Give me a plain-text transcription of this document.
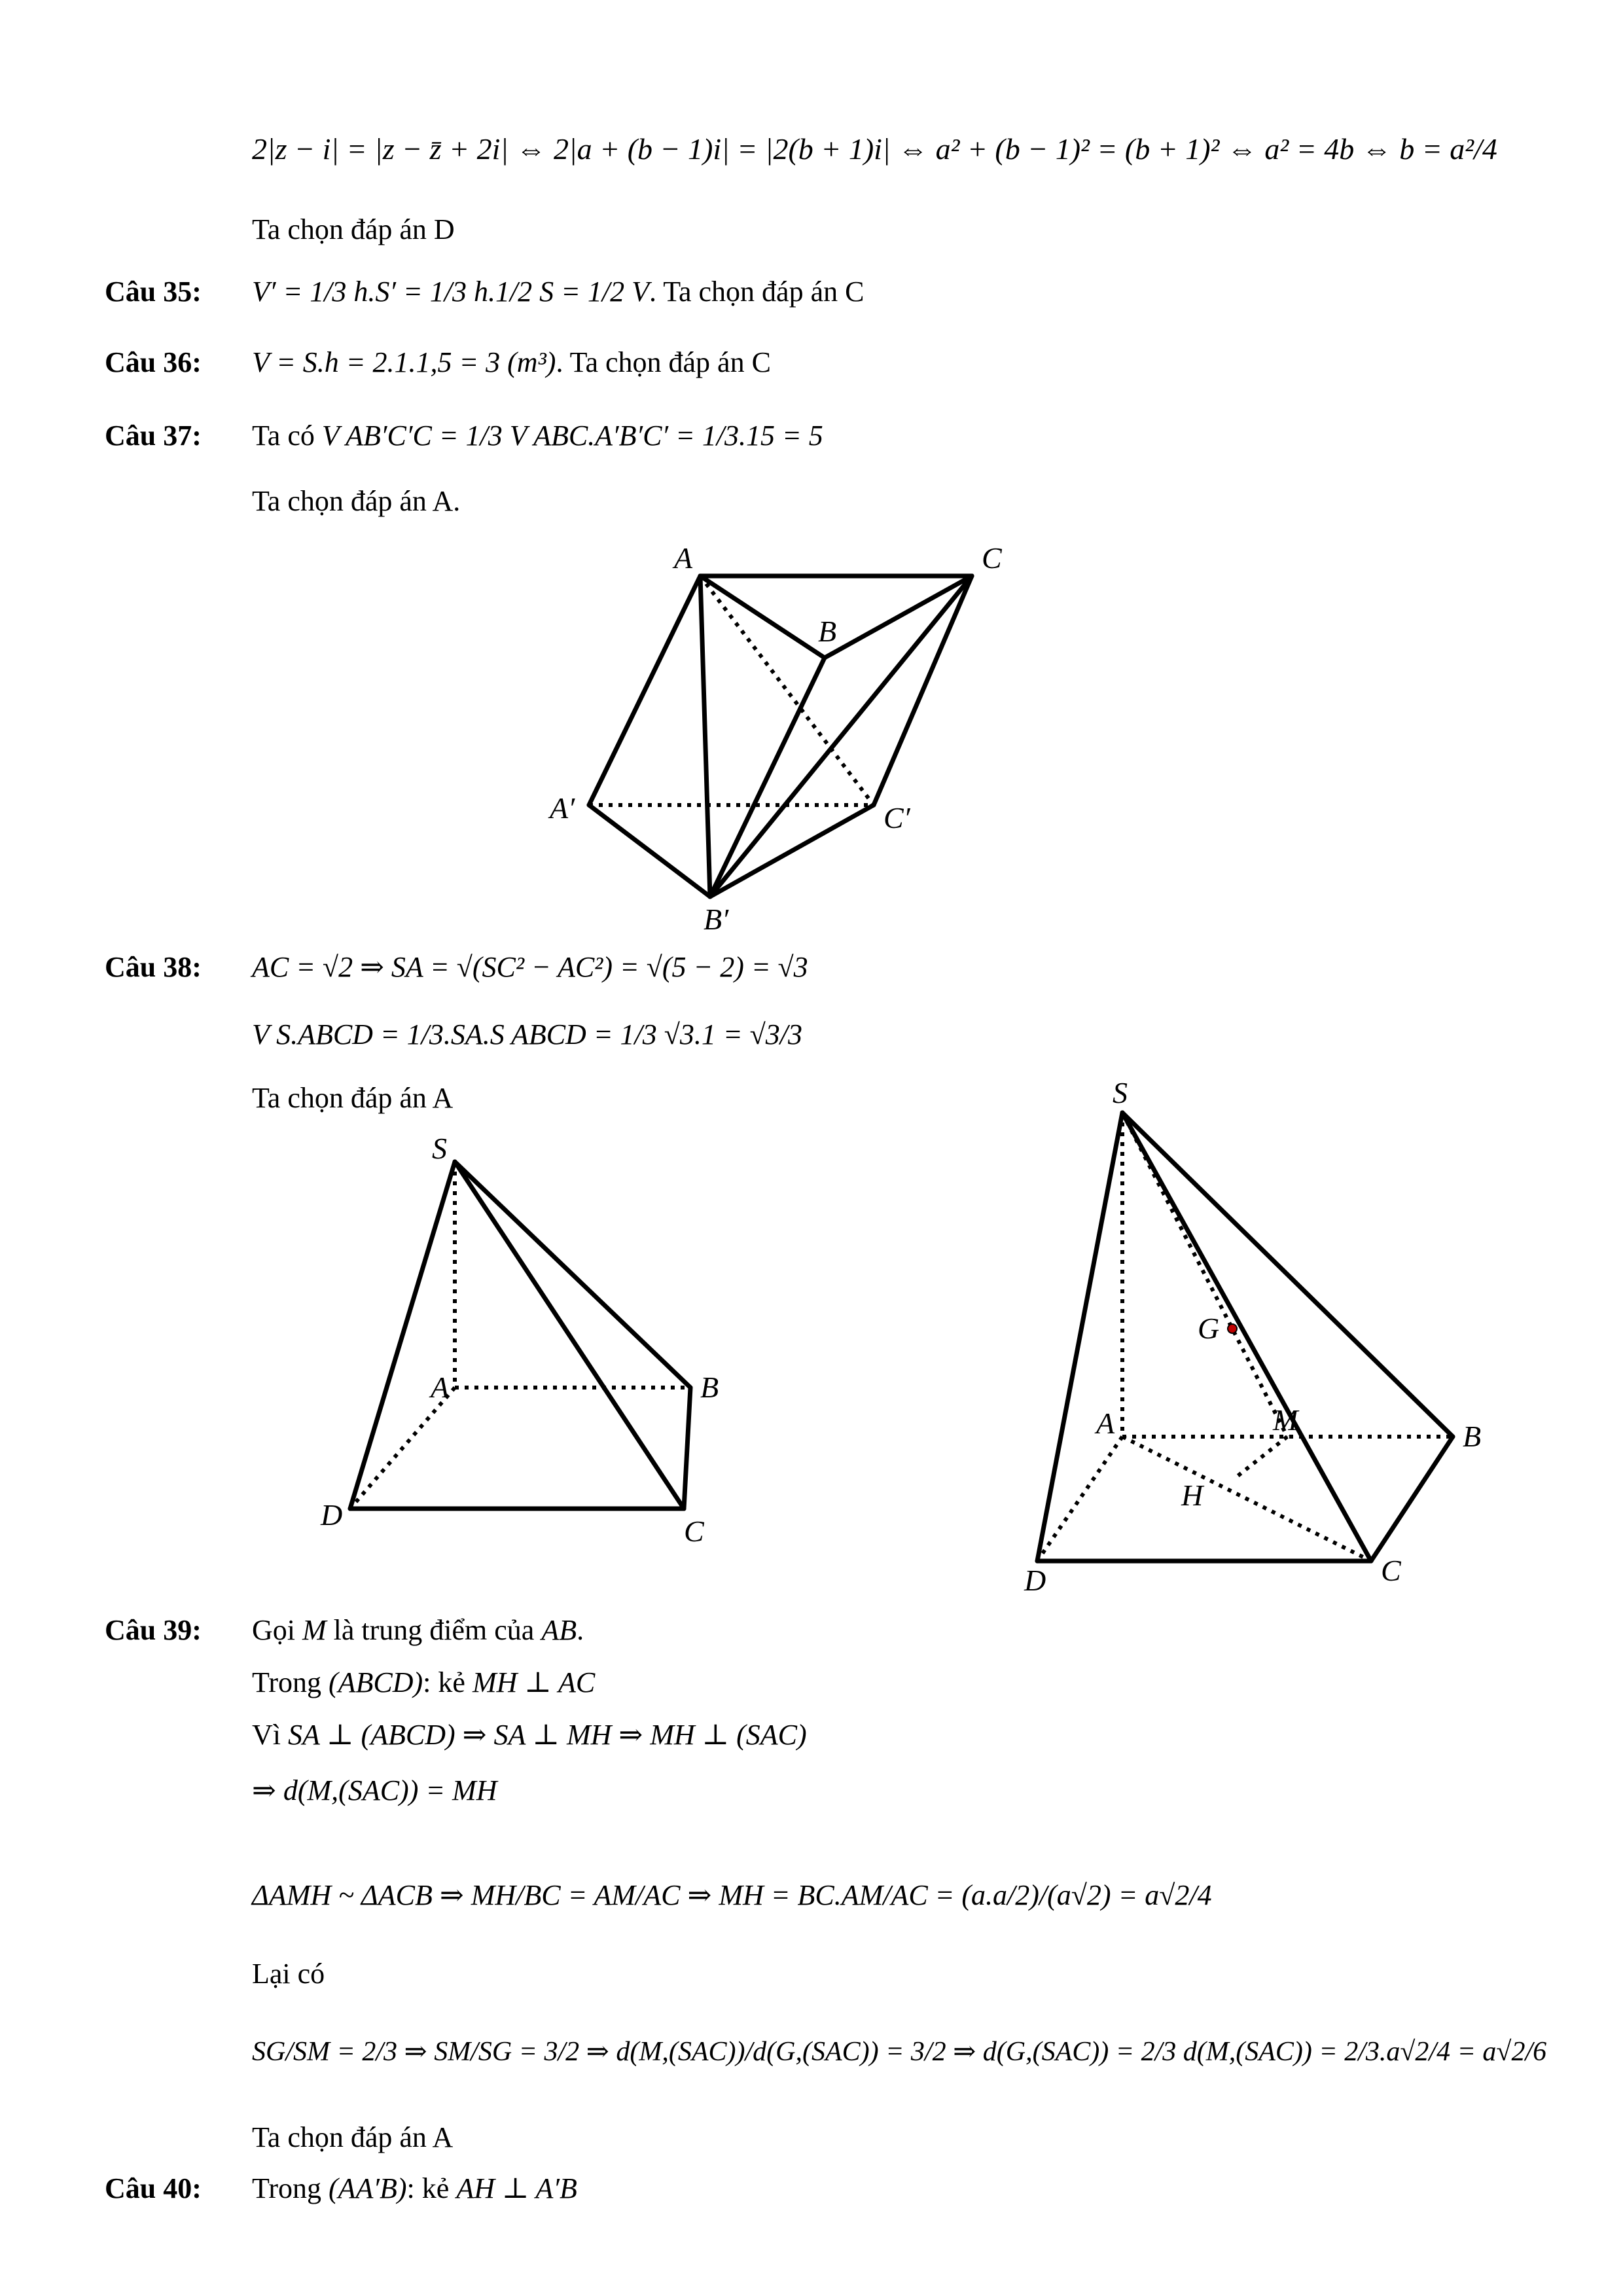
2|z − i| = |z − z̄ + 2i| ⇔ 2|a + (b − 1)i| = |2(b + 1)i| ⇔ a² + (b − 1)² = (b + 1)² ⇔ a² = 4b ⇔ b = a²/4
Ta chọn đáp án D
Câu 35: V′ = 1/3 h.S′ = 1/3 h.1/2 S = 1/2 V. Ta chọn đáp án C
Câu 36: V = S.h = 2.1.1,5 = 3 (m³). Ta chọn đáp án C
Câu 37: Ta có V AB′C′C = 1/3 V ABC.A′B′C′ = 1/3.15 = 5
Ta chọn đáp án A.
A	C
B
A′	C′
B′
Câu 38: AC = √2 ⇒ SA = √(SC² − AC²) = √(5 − 2) = √3
V S.ABCD = 1/3.SA.S ABCD = 1/3 √3.1 = √3/3
Ta chọn đáp án A
S
A	B
D	C
S
G
A	M	B
H
D	C
Câu 39: Gọi M là trung điểm của AB.
Trong (ABCD): kẻ MH ⊥ AC
Vì SA ⊥ (ABCD) ⇒ SA ⊥ MH ⇒ MH ⊥ (SAC)
⇒ d(M,(SAC)) = MH
ΔAMH ~ ΔACB ⇒ MH/BC = AM/AC ⇒ MH = BC.AM/AC = (a.a/2)/(a√2) = a√2/4
Lại có
SG/SM = 2/3 ⇒ SM/SG = 3/2 ⇒ d(M,(SAC))/d(G,(SAC)) = 3/2 ⇒ d(G,(SAC)) = 2/3 d(M,(SAC)) = 2/3.a√2/4 = a√2/6
Ta chọn đáp án A
Câu 40: Trong (AA′B): kẻ AH ⊥ A′B
